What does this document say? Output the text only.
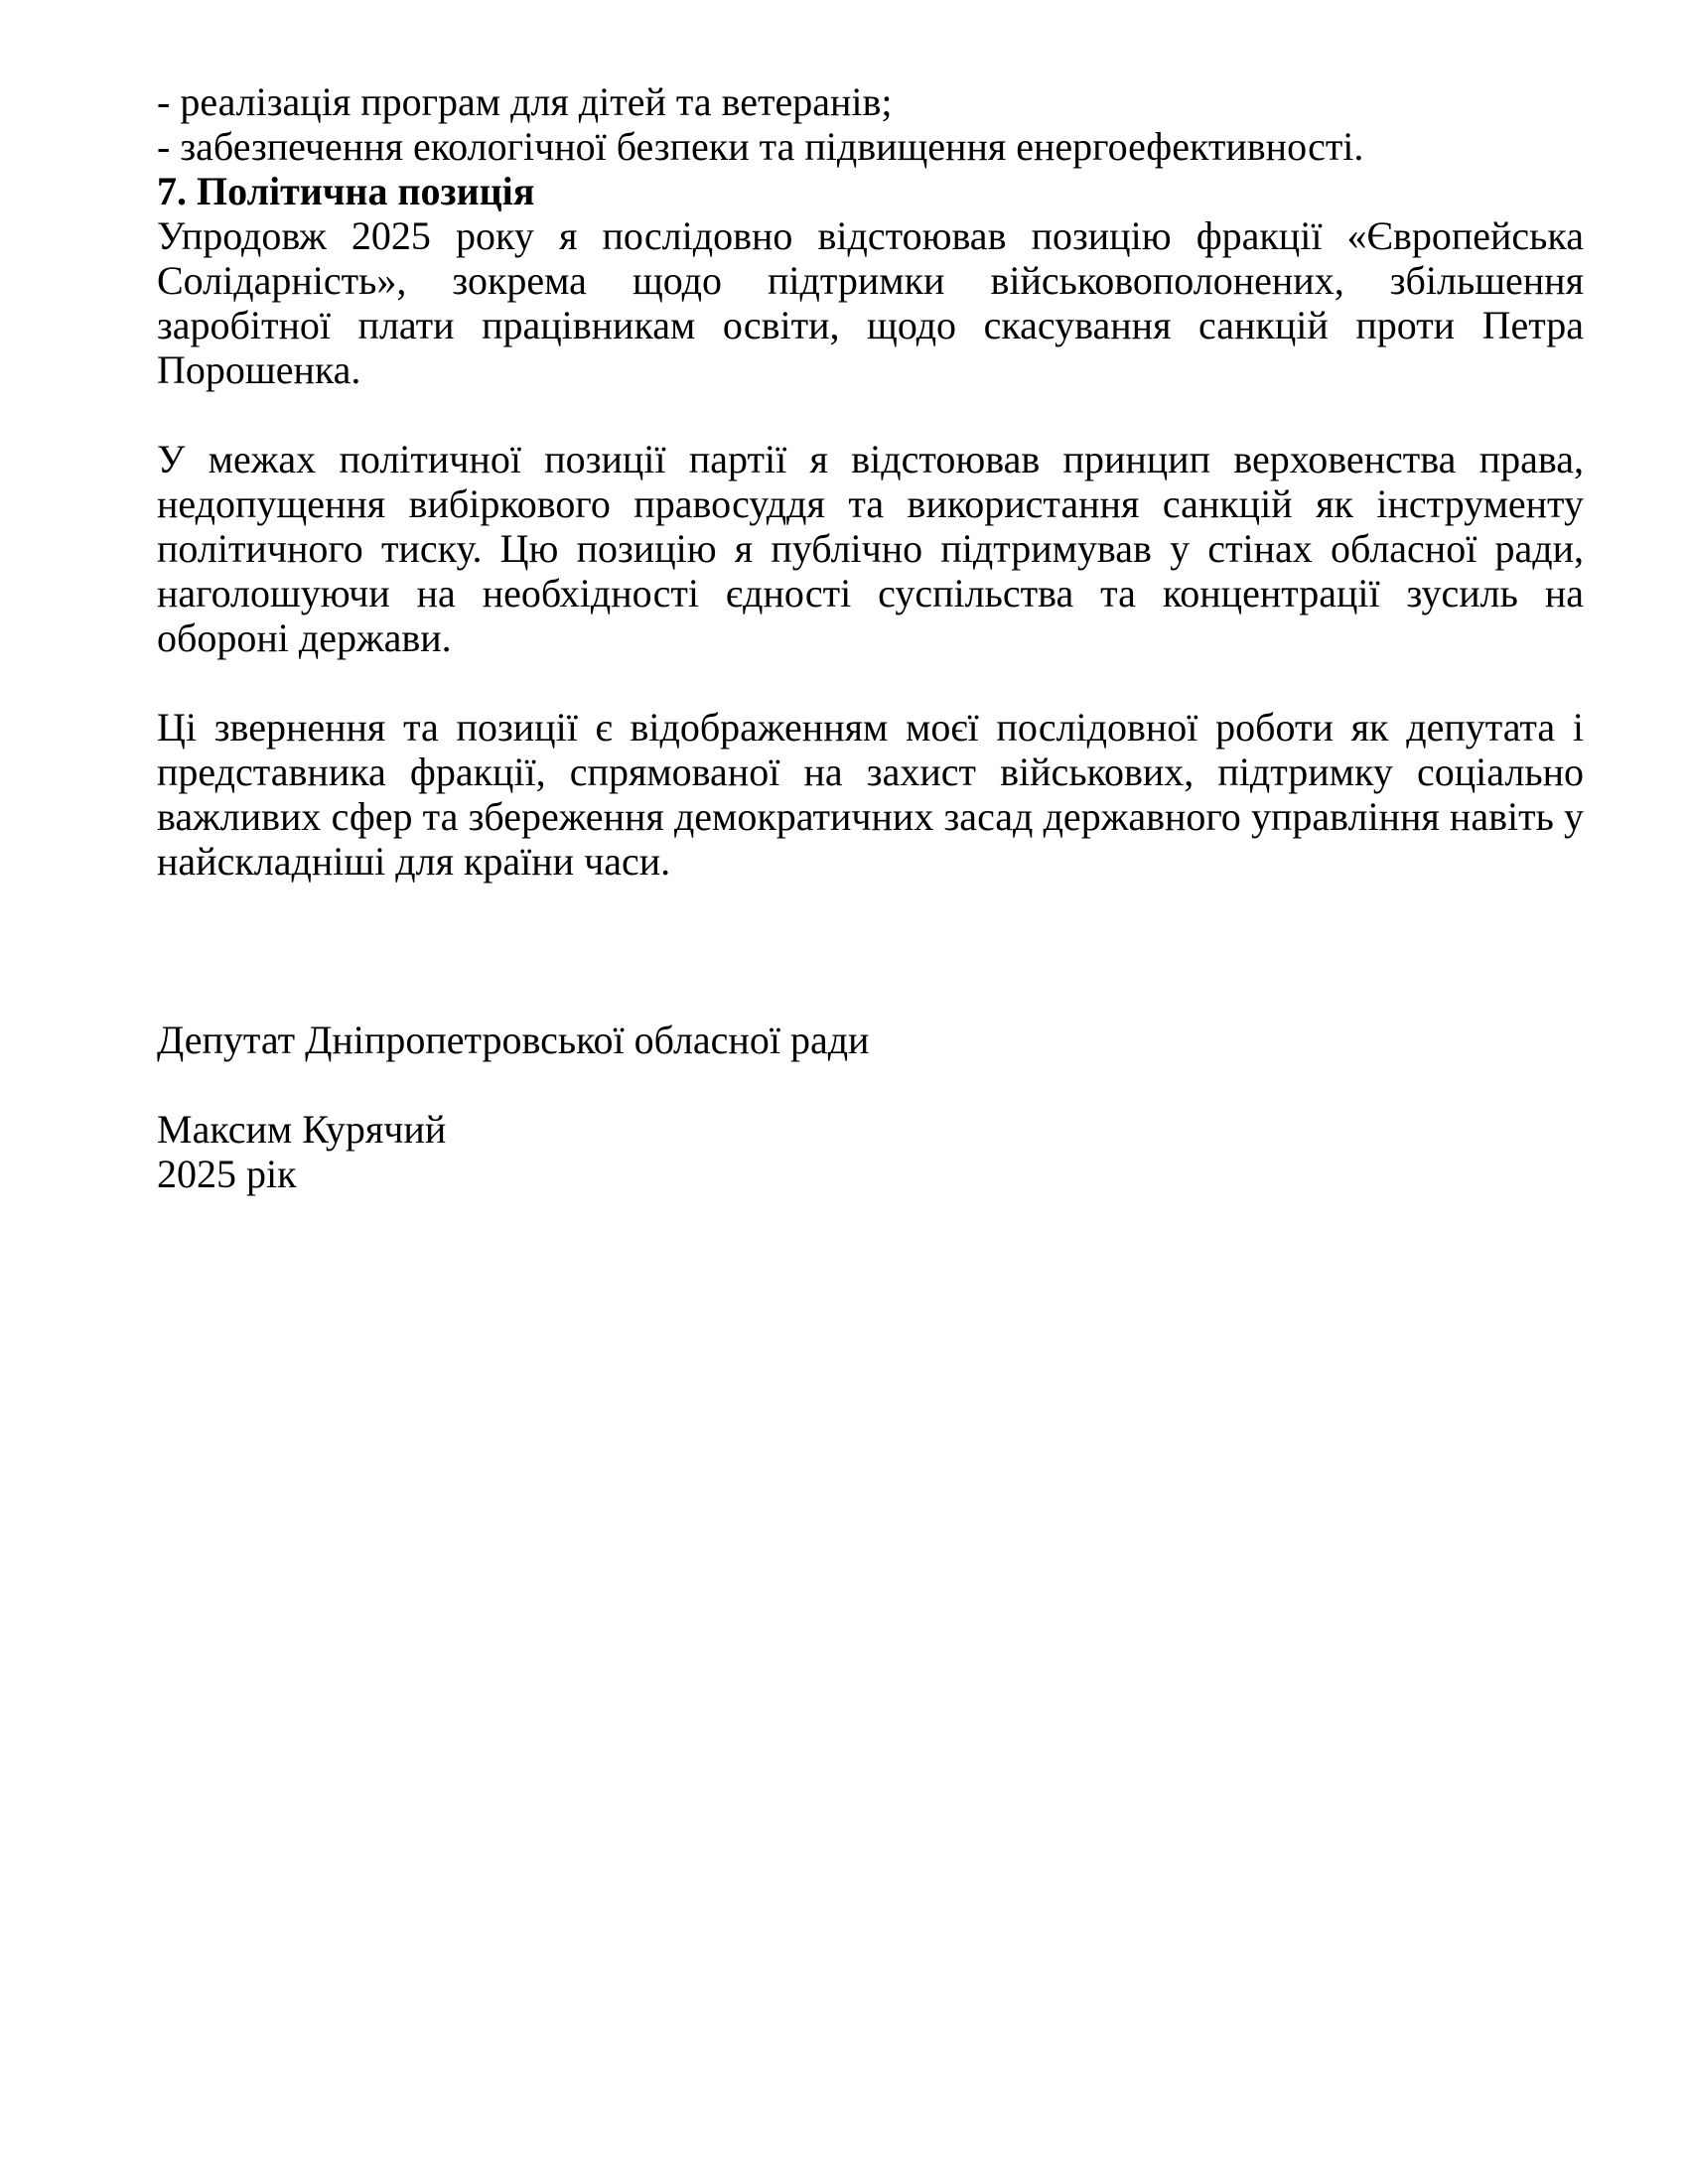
- реалізація програм для дітей та ветеранів;

- забезпечення екологічної безпеки та підвищення енергоефективності.

7. Політична позиція

Упродовж 2025 року я послідовно відстоював позицію фракції «Європейська Солідарність», зокрема щодо підтримки військовополонених, збільшення заробітної плати працівникам освіти, щодо скасування санкцій проти Петра Порошенка.

У межах політичної позиції партії я відстоював принцип верховенства права, недопущення вибіркового правосуддя та використання санкцій як інструменту політичного тиску. Цю позицію я публічно підтримував у стінах обласної ради, наголошуючи на необхідності єдності суспільства та концентрації зусиль на обороні держави.

Ці звернення та позиції є відображенням моєї послідовної роботи як депутата і представника фракції, спрямованої на захист військових, підтримку соціально важливих сфер та збереження демократичних засад державного управління навіть у найскладніші для країни часи.

Депутат Дніпропетровської обласної ради

Максим Курячий

2025 рік
